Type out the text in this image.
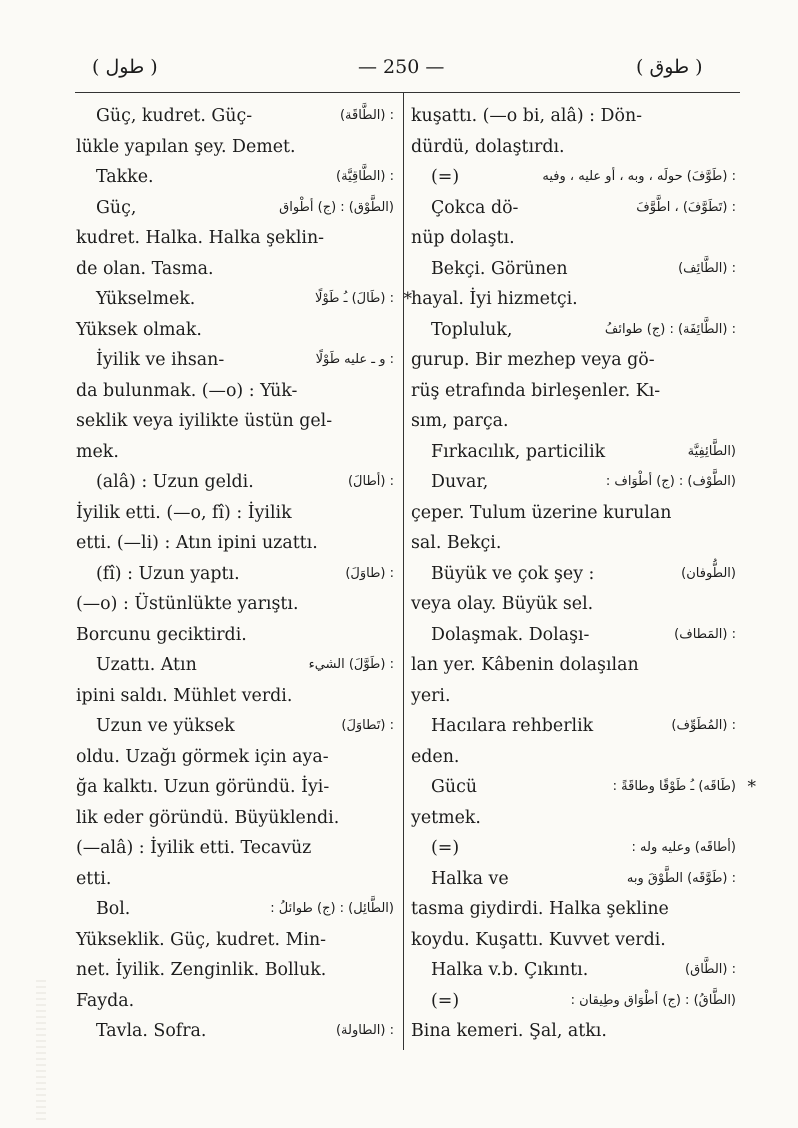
( طول )	— 250 —	( طوق )
Güç, kudret. Güç-	: (الطَّاقَة)
lükle yapılan şey. Demet.
Takke.	: (الطَّاقِيَّة)
Güç,	(الطَّوْق) : (ج) أطْواق
kudret. Halka. Halka şeklin-
de olan. Tasma.
Yükselmek.	: (طَالَ) ـُ طَوْلًا *
Yüksek olmak.
İyilik ve ihsan-	: و ـ عليه طَوْلًا
da bulunmak. (—o) : Yük-
seklik veya iyilikte üstün gel-
mek.
(alâ) : Uzun geldi.	: (أطالَ)
İyilik etti. (—o, fî) : İyilik
etti. (—li) : Atın ipini uzattı.
(fî) : Uzun yaptı.	: (طاوَلَ)
(—o) : Üstünlükte yarıştı.
Borcunu geciktirdi.
Uzattı. Atın	: (طَوَّلَ) الشيء
ipini saldı. Mühlet verdi.
Uzun ve yüksek	: (تَطاوَلَ)
oldu. Uzağı görmek için aya-
ğa kalktı. Uzun göründü. İyi-
lik eder göründü. Büyüklendi.
(—alâ) : İyilik etti. Tecavüz
etti.
Bol.	(الطَّائِل) : (ج) طوائلُ :
Yükseklik. Güç, kudret. Min-
net. İyilik. Zenginlik. Bolluk.
Fayda.
Tavla. Sofra.	: (الطاولة)
kuşattı. (—o bi, alâ) : Dön-
dürdü, dolaştırdı.
(=)	: (طَوَّفَ) حولَه ، وبه ، أو عليه ، وفيه
Çokca dö-	: (تَطَوَّفَ) ، اطَّوَّفَ
nüp dolaştı.
Bekçi. Görünen	: (الطَّائِف)
hayal. İyi hizmetçi.
Topluluk,	: (الطَّائِفَة) : (ج) طوائفُ
gurup. Bir mezhep veya gö-
rüş etrafında birleşenler. Kı-
sım, parça.
Fırkacılık, particilik	(الطَّائِفِيَّة
Duvar,	(الطَّوْف) : (ج) أطْوَاف :
çeper. Tulum üzerine kurulan
sal. Bekçi.
Büyük ve çok şey :	(الطُّوفان)
veya olay. Büyük sel.
Dolaşmak. Dolaşı-	: (المَطاف)
lan yer. Kâbenin dolaşılan
yeri.
Hacılara rehberlik	: (المُطَوِّف)
eden.
Gücü	(طَاقَه) ـُ طَوْقًا وطاقَةً : *
yetmek.
(=)	(أطاقَه) وعليه وله :
Halka ve	: (طَوَّقَه) الطَّوْقَ وبه
tasma giydirdi. Halka şekline
koydu. Kuşattı. Kuvvet verdi.
Halka v.b. Çıkıntı.	: (الطَّاق)
(=)	(الطَّاقُ) : (ج) أطْوَاق وطِيقان :
Bina kemeri. Şal, atkı.
